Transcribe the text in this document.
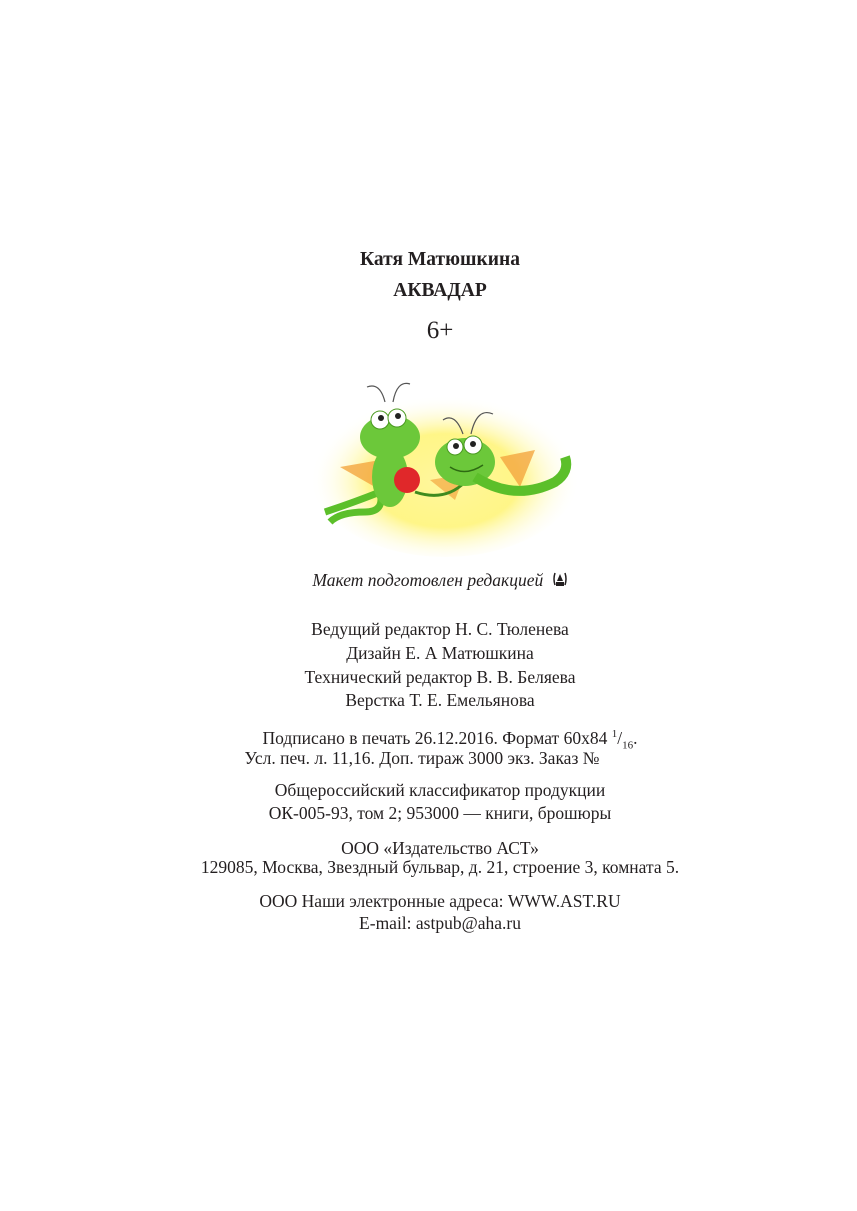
Катя Матюшкина
АКВАДАР
6+
Макет подготовлен редакцией
Ведущий редактор Н. С. Тюленева
Дизайн Е. А Матюшкина
Технический редактор В. В. Беляева
Верстка Т. Е. Емельянова
Подписано в печать 26.12.2016. Формат 60x84 $^1/_{16}$.
Усл. печ. л. 11,16. Доп. тираж 3000 экз. Заказ №
Общероссийский классификатор продукции
ОК-005-93, том 2; 953000 — книги, брошюры
ООО «Издательство АСТ»
129085, Москва, Звездный бульвар, д. 21, строение 3, комната 5.
ООО Наши электронные адреса: WWW.AST.RU
E-mail: astpub@aha.ru
